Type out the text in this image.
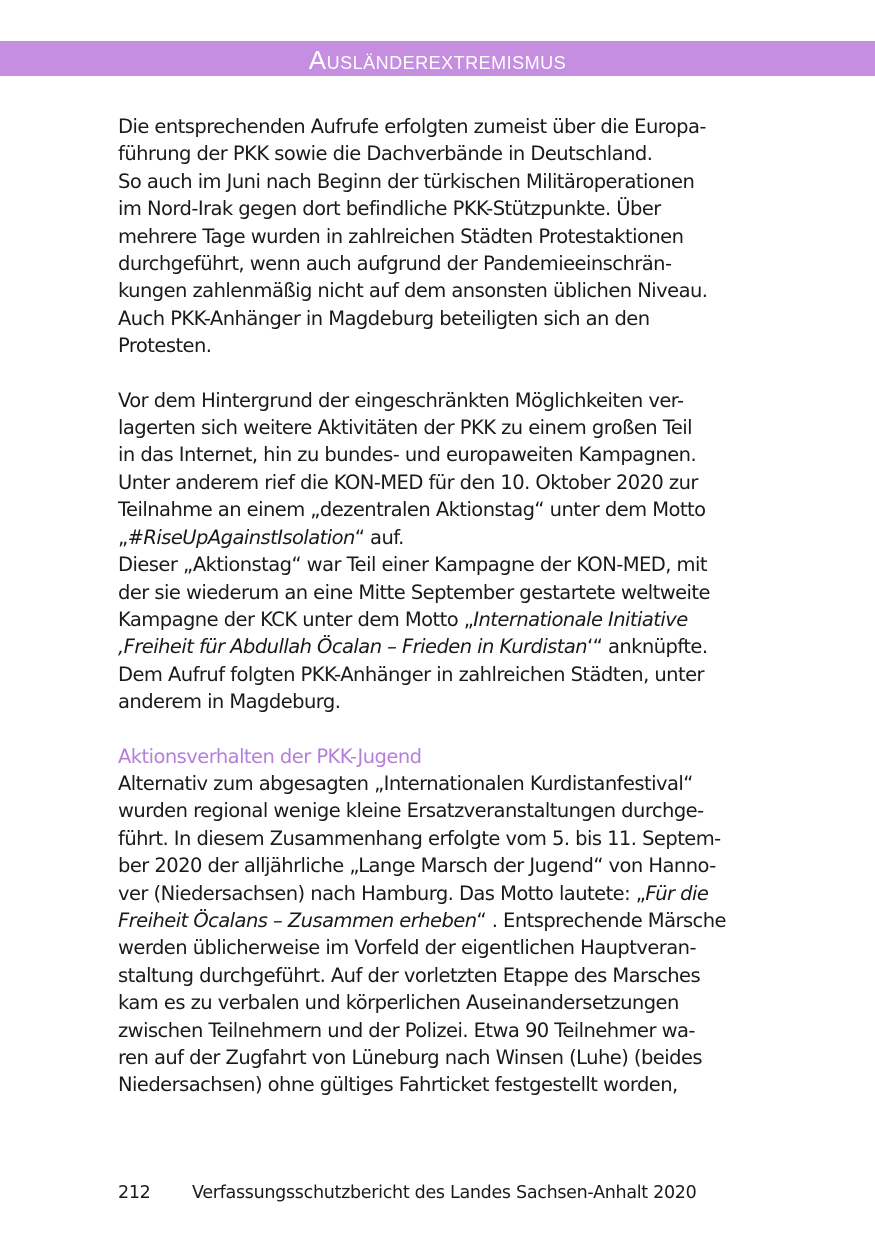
Ausländerextremismus

Die entsprechenden Aufrufe erfolgten zumeist über die Europa-
führung der PKK sowie die Dachverbände in Deutschland.
So auch im Juni nach Beginn der türkischen Militäroperationen
im Nord-Irak gegen dort befindliche PKK-Stützpunkte. Über
mehrere Tage wurden in zahlreichen Städten Protestaktionen
durchgeführt, wenn auch aufgrund der Pandemieeinschrän-
kungen zahlenmäßig nicht auf dem ansonsten üblichen Niveau.
Auch PKK-Anhänger in Magdeburg beteiligten sich an den
Protesten.

Vor dem Hintergrund der eingeschränkten Möglichkeiten ver-
lagerten sich weitere Aktivitäten der PKK zu einem großen Teil
in das Internet, hin zu bundes- und europaweiten Kampagnen.
Unter anderem rief die KON-MED für den 10. Oktober 2020 zur
Teilnahme an einem „dezentralen Aktionstag“ unter dem Motto
„#RiseUpAgainstIsolation“ auf.
Dieser „Aktionstag“ war Teil einer Kampagne der KON-MED, mit
der sie wiederum an eine Mitte September gestartete weltweite
Kampagne der KCK unter dem Motto „Internationale Initiative
‚Freiheit für Abdullah Öcalan – Frieden in Kurdistan‘“ anknüpfte.
Dem Aufruf folgten PKK-Anhänger in zahlreichen Städten, unter
anderem in Magdeburg.

Aktionsverhalten der PKK-Jugend

Alternativ zum abgesagten „Internationalen Kurdistanfestival“
wurden regional wenige kleine Ersatzveranstaltungen durchge-
führt. In diesem Zusammenhang erfolgte vom 5. bis 11. Septem-
ber 2020 der alljährliche „Lange Marsch der Jugend“ von Hanno-
ver (Niedersachsen) nach Hamburg. Das Motto lautete: „Für die
Freiheit Öcalans – Zusammen erheben“ . Entsprechende Märsche
werden üblicherweise im Vorfeld der eigentlichen Hauptveran-
staltung durchgeführt. Auf der vorletzten Etappe des Marsches
kam es zu verbalen und körperlichen Auseinandersetzungen
zwischen Teilnehmern und der Polizei. Etwa 90 Teilnehmer wa-
ren auf der Zugfahrt von Lüneburg nach Winsen (Luhe) (beides
Niedersachsen) ohne gültiges Fahrticket festgestellt worden,

212 Verfassungsschutzbericht des Landes Sachsen-Anhalt 2020
